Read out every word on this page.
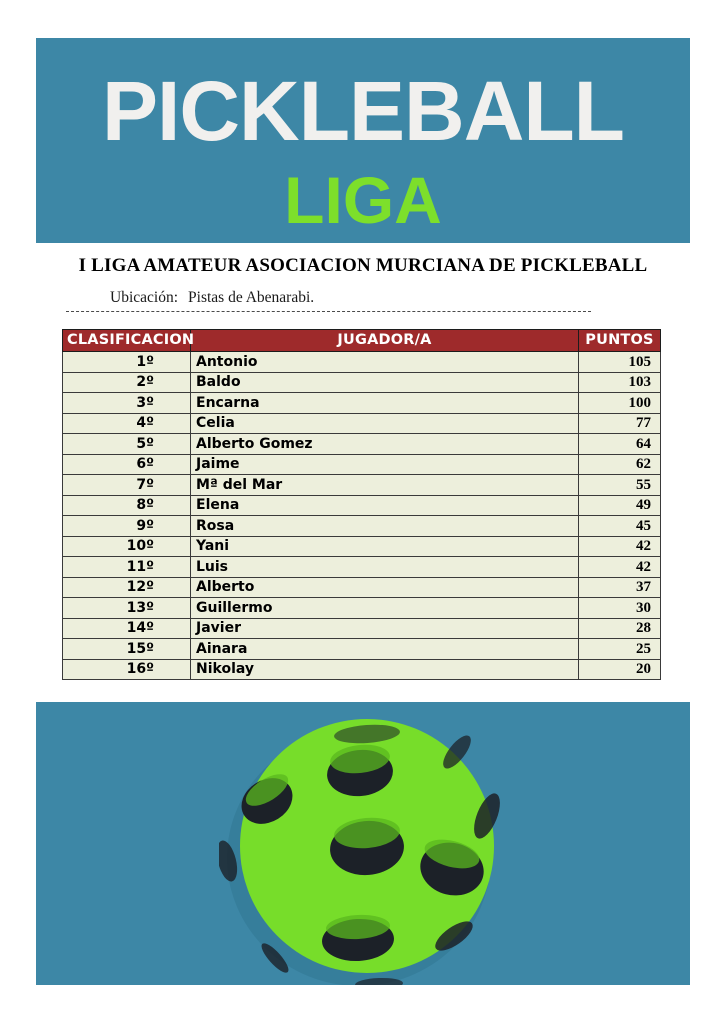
PICKLEBALL
LIGA
I LIGA AMATEUR ASOCIACION MURCIANA DE PICKLEBALL
Ubicación: Pistas de Abenarabi.
CLASIFICACION	JUGADOR/A	PUNTOS
1º	Antonio	105
2º	Baldo	103
3º	Encarna	100
4º	Celia	77
5º	Alberto Gomez	64
6º	Jaime	62
7º	Mª del Mar	55
8º	Elena	49
9º	Rosa	45
10º	Yani	42
11º	Luis	42
12º	Alberto	37
13º	Guillermo	30
14º	Javier	28
15º	Ainara	25
16º	Nikolay	20
